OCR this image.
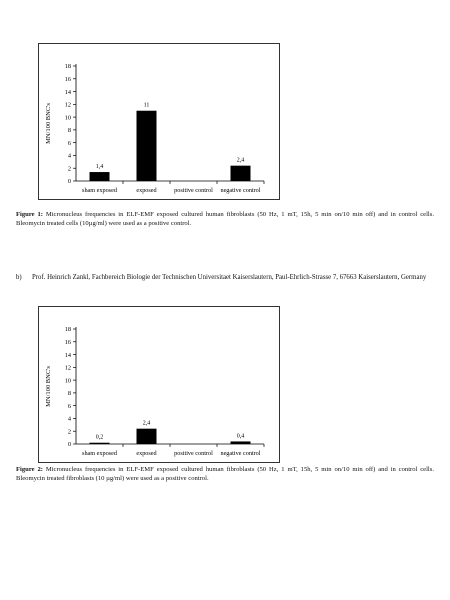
MN/100 BNC's
0
2
4
6
8
10
12
14
16
18
1,4
sham exposed
11
exposed	positive control
2,4
negative control
Figure 1: Micronucleus frequencies in ELF-EMF exposed cultured human fibroblasts (50 Hz, 1 mT, 15h, 5 min on/10 min off) and in control cells. Bleomycin treated cells (10µg/ml) were used as a positive control.
b) Prof. Heinrich Zankl, Fachbereich Biologie der Technischen Universitaet Kaiserslautern, Paul-Ehrlich-Strasse 7, 67663 Kaiserslautern, Germany
MN/100 BNC's
0
2
4
6
8
10
12
14
16
18
0,2
sham exposed
2,4
exposed	positive control
0,4
negative control
Figure 2: Micronucleus frequencies in ELF-EMF exposed cultured human fibroblasts (50 Hz, 1 mT, 15h, 5 min on/10 min off) and in control cells. Bleomycin treated fibroblasts (10 µg/ml) were used as a positive control.
